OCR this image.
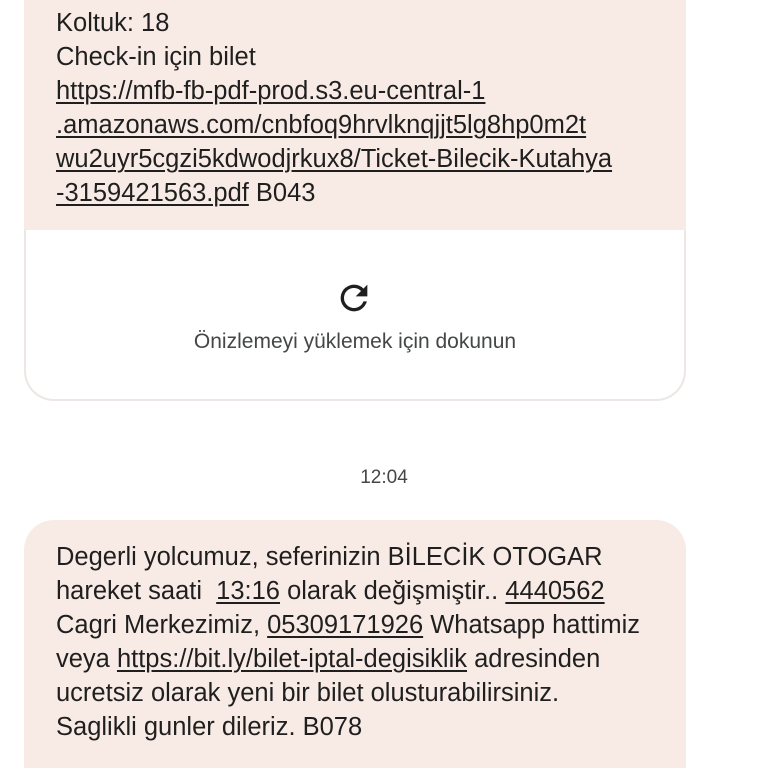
Koltuk: 18
Check-in için bilet
https://mfb-fb-pdf-prod.s3.eu-central-1
.amazonaws.com/cnbfoq9hrvlknqjjt5lg8hp0m2t
wu2uyr5cgzi5kdwodjrkux8/Ticket-Bilecik-Kutahya
-3159421563.pdf B043
Önizlemeyi yüklemek için dokunun
12:04
Degerli yolcumuz, seferinizin BİLECİK OTOGAR
hareket saati  13:16 olarak değişmiştir.. 4440562
Cagri Merkezimiz, 05309171926 Whatsapp hattimiz
veya https://bit.ly/bilet-iptal-degisiklik adresinden
ucretsiz olarak yeni bir bilet olusturabilirsiniz.
Saglikli gunler dileriz. B078
